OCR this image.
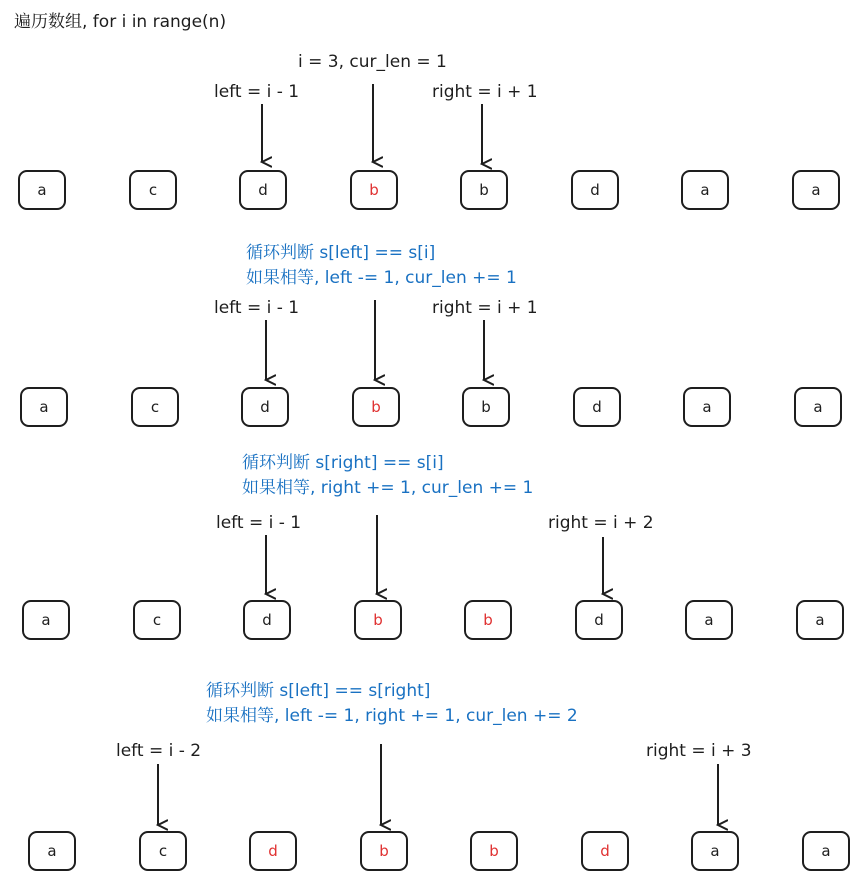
遍历数组, for i in range(n)
i = 3, cur_len = 1
left = i - 1	right = i + 1
a	c	d	b	b	d	a	a
循环判断 s[left] == s[i]
如果相等, left -= 1, cur_len += 1
left = i - 1	right = i + 1
a	c	d	b	b	d	a	a
循环判断 s[right] == s[i]
如果相等, right += 1, cur_len += 1
left = i - 1	right = i + 2
a	c	d	b	b	d	a	a
循环判断 s[left] == s[right]
如果相等, left -= 1, right += 1, cur_len += 2
left = i - 2	right = i + 3
a	c	d	b	b	d	a	a
